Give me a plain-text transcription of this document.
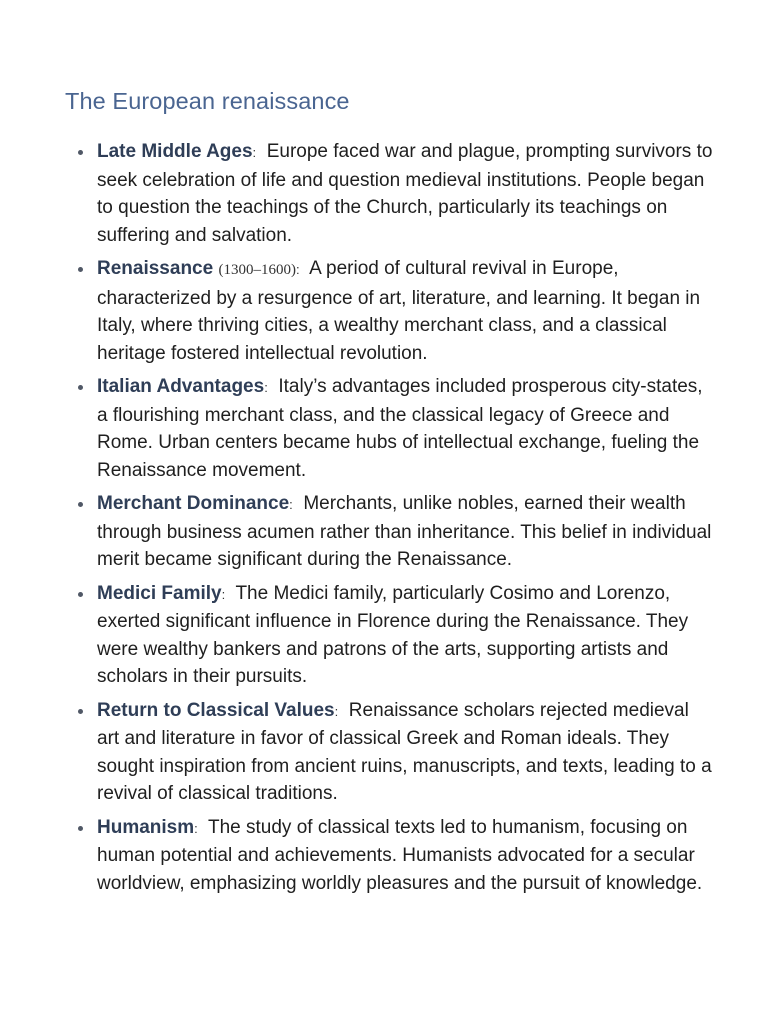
The European renaissance
Late Middle Ages: Europe faced war and plague, prompting survivors to seek celebration of life and question medieval institutions. People began to question the teachings of the Church, particularly its teachings on suffering and salvation.
Renaissance (1300–1600): A period of cultural revival in Europe, characterized by a resurgence of art, literature, and learning. It began in Italy, where thriving cities, a wealthy merchant class, and a classical heritage fostered intellectual revolution.
Italian Advantages: Italy’s advantages included prosperous city-states, a flourishing merchant class, and the classical legacy of Greece and Rome. Urban centers became hubs of intellectual exchange, fueling the Renaissance movement.
Merchant Dominance: Merchants, unlike nobles, earned their wealth through business acumen rather than inheritance. This belief in individual merit became significant during the Renaissance.
Medici Family: The Medici family, particularly Cosimo and Lorenzo, exerted significant influence in Florence during the Renaissance. They were wealthy bankers and patrons of the arts, supporting artists and scholars in their pursuits.
Return to Classical Values: Renaissance scholars rejected medieval art and literature in favor of classical Greek and Roman ideals. They sought inspiration from ancient ruins, manuscripts, and texts, leading to a revival of classical traditions.
Humanism: The study of classical texts led to humanism, focusing on human potential and achievements. Humanists advocated for a secular worldview, emphasizing worldly pleasures and the pursuit of knowledge.
